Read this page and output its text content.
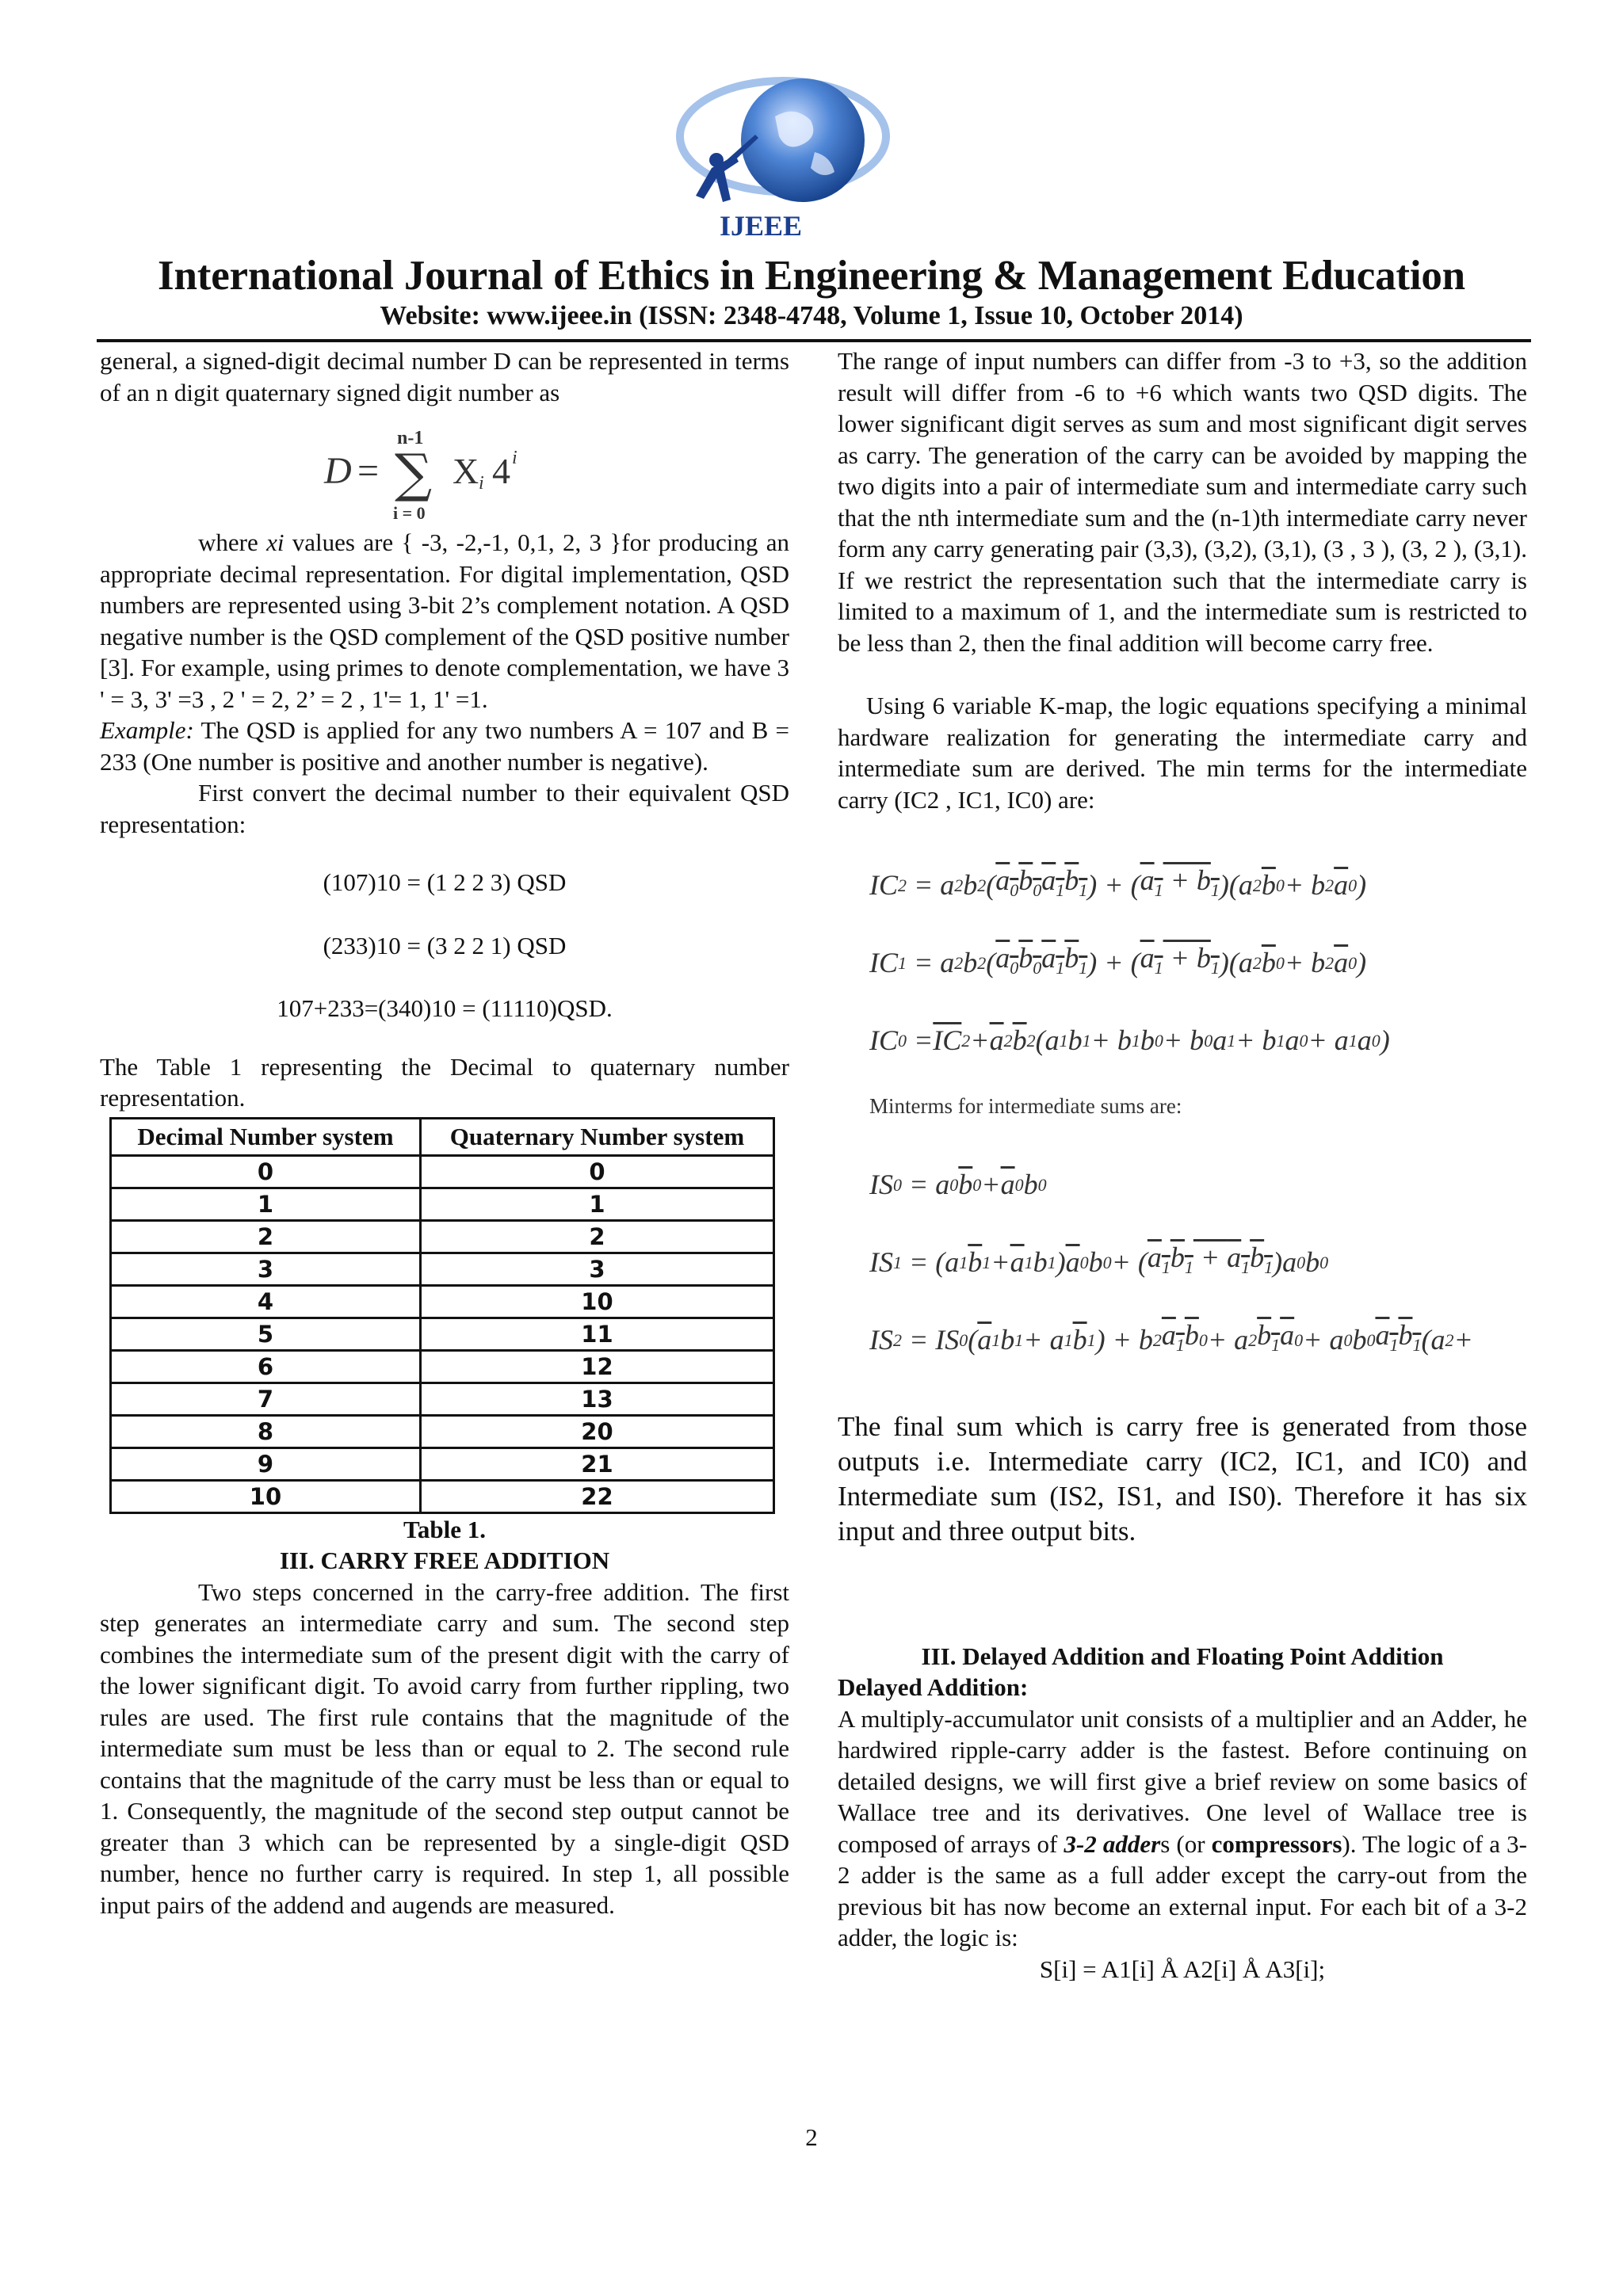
IJEEE
International Journal of Ethics in Engineering & Management Education
Website: www.ijeee.in (ISSN: 2348-4748, Volume 1, Issue 10, October 2014)

general, a signed-digit decimal number D can be represented in terms of an n digit quaternary signed digit number as

D =
n-1
∑
i = 0
X i 4 i

where xi values are { -3, -2,-1, 0,1, 2, 3 }for producing an appropriate decimal representation. For digital implementation, QSD numbers are represented using 3-bit 2’s complement notation. A QSD negative number is the QSD complement of the QSD positive number [3]. For example, using primes to denote complementation, we have 3 ' = 3, 3' =3 , 2 ' = 2, 2’ = 2 , 1'= 1, 1' =1.

Example: The QSD is applied for any two numbers A = 107 and B = 233 (One number is positive and another number is negative).

First convert the decimal number to their equivalent QSD representation:

(107)10 = (1 2 2 3) QSD

(233)10 = (3 2 2 1) QSD

107+233=(340)10 = (11110)QSD.

The Table 1 representing the Decimal to quaternary number representation.

Decimal Number system	Quaternary Number system
0	0
1	1
2	2
3	3
4	10
5	11
6	12
7	13
8	20
9	21
10	22

Table 1.

III. CARRY FREE ADDITION

Two steps concerned in the carry-free addition. The first step generates an intermediate carry and sum. The second step combines the intermediate sum of the present digit with the carry of the lower significant digit. To avoid carry from further rippling, two rules are used. The first rule contains that the magnitude of the intermediate sum must be less than or equal to 2. The second rule contains that the magnitude of the carry must be less than or equal to 1. Consequently, the magnitude of the second step output cannot be greater than 3 which can be represented by a single-digit QSD number, hence no further carry is required. In step 1, all possible input pairs of the addend and augends are measured.

The range of input numbers can differ from -3 to +3, so the addition result will differ from -6 to +6 which wants two QSD digits. The lower significant digit serves as sum and most significant digit serves as carry. The generation of the carry can be avoided by mapping the two digits into a pair of intermediate sum and intermediate carry such that the nth intermediate sum and the (n-1)th intermediate carry never form any carry generating pair (3,3), (3,2), (3,1), (3 , 3 ), (3, 2 ), (3,1). If we restrict the representation such that the intermediate carry is limited to a maximum of 1, and the intermediate sum is restricted to be less than 2, then the final addition will become carry free.

Using 6 variable K-map, the logic equations specifying a minimal hardware realization for generating the intermediate carry and intermediate sum are derived. The min terms for the intermediate carry (IC2 , IC1, IC0) are:

IC 2 = a 2 b 2 ( $a_0b_0a_1b_1$ ) + ( $a_1 + b_1$ )(a 2 $\overline{b}$ 0 + b 2 $\overline{a}$ 0 )
IC 1 = a 2 b 2 ( $a_0b_0a_1b_1$ ) + ( $a_1 + b_1$ )(a 2 $\overline{b}$ 0 + b 2 $\overline{a}$ 0 )
IC $0 = \overline{IC}$ $2 + \overline{a}$ 2 $\overline{b}$ 2 (a 1 b 1 + b 1 b 0 + b 0 a 1 + b 1 a 0 + a 1 a 0 )
Minterms for intermediate sums are:
IS 0 = a 0 $\overline{b}$ $0 + \overline{a}$ 0 b 0
IS 1 = (a 1 $\overline{b}$ $1 + \overline{a}$ 1 b 1 ) $\overline{a}$ 0 b 0 + ( $a_1b_1 + a_1b_1$ )a 0 b 0
IS 2 = IS 0 ( $\overline{a}$ 1 b 1 + a 1 $\overline{b}$ 1 ) + b 2 $a_1b$ 0 + a 2 $b_1a$ 0 + a 0 b 0 $a_1b_1$ (a 2 +

The final sum which is carry free is generated from those outputs i.e. Intermediate carry (IC2, IC1, and IC0) and Intermediate sum (IS2, IS1, and IS0). Therefore it has six input and three output bits.

III. Delayed Addition and Floating Point Addition

Delayed Addition:

A multiply-accumulator unit consists of a multiplier and an Adder, he hardwired ripple-carry adder is the fastest. Before continuing on detailed designs, we will first give a brief review on some basics of Wallace tree and its derivatives. One level of Wallace tree is composed of arrays of 3-2 adders (or compressors). The logic of a 3-2 adder is the same as a full adder except the carry-out from the previous bit has now become an external input. For each bit of a 3-2 adder, the logic is:

S[i] = A1[i] Å A2[i] Å A3[i];

2
